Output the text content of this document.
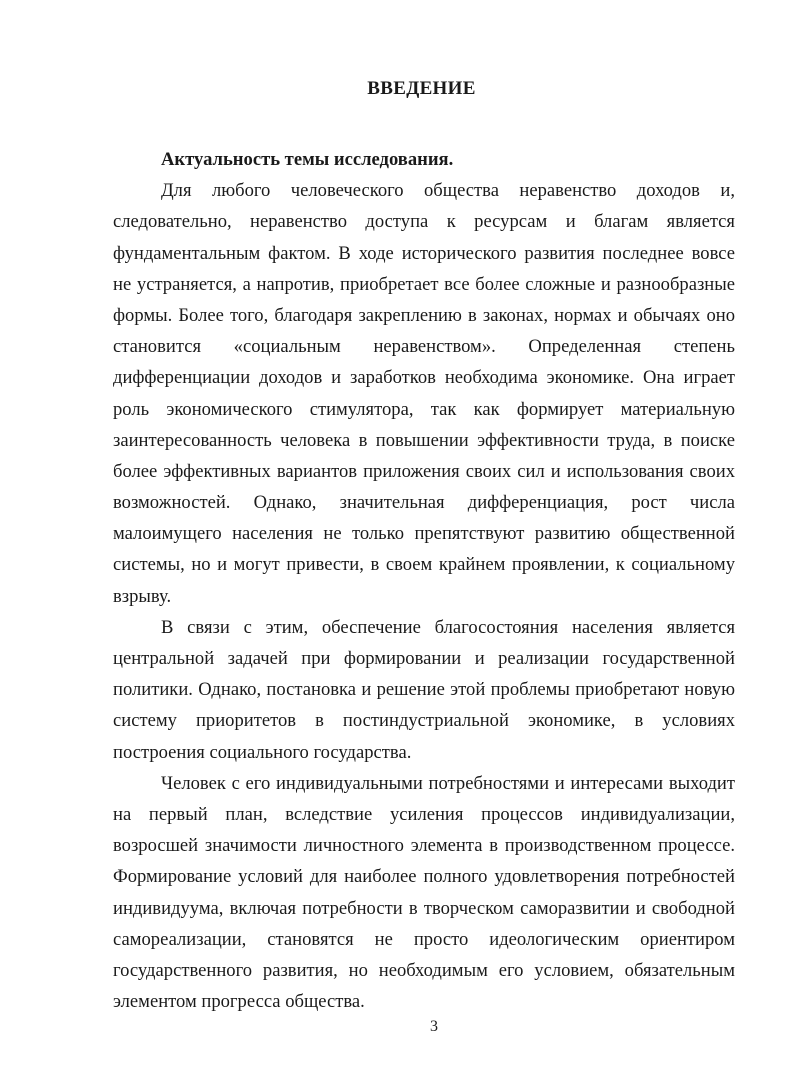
ВВЕДЕНИЕ
Актуальность темы исследования.
Для любого человеческого общества неравенство доходов и,
следовательно, неравенство доступа к ресурсам и благам является
фундаментальным фактом. В ходе исторического развития последнее вовсе
не устраняется, а напротив, приобретает все более сложные и разнообразные
формы. Более того, благодаря закреплению в законах, нормах и обычаях оно
становится «социальным неравенством». Определенная степень
дифференциации доходов и заработков необходима экономике. Она играет
роль экономического стимулятора, так как формирует материальную
заинтересованность человека в повышении эффективности труда, в поиске
более эффективных вариантов приложения своих сил и использования своих
возможностей. Однако, значительная дифференциация, рост числа
малоимущего населения не только препятствуют развитию общественной
системы, но и могут привести, в своем крайнем проявлении, к социальному
взрыву.
В связи с этим, обеспечение благосостояния населения является
центральной задачей при формировании и реализации государственной
политики. Однако, постановка и решение этой проблемы приобретают новую
систему приоритетов в постиндустриальной экономике, в условиях
построения социального государства.
Человек с его индивидуальными потребностями и интересами выходит
на первый план, вследствие усиления процессов индивидуализации,
возросшей значимости личностного элемента в производственном процессе.
Формирование условий для наиболее полного удовлетворения потребностей
индивидуума, включая потребности в творческом саморазвитии и свободной
самореализации, становятся не просто идеологическим ориентиром
государственного развития, но необходимым его условием, обязательным
элементом прогресса общества.
3
